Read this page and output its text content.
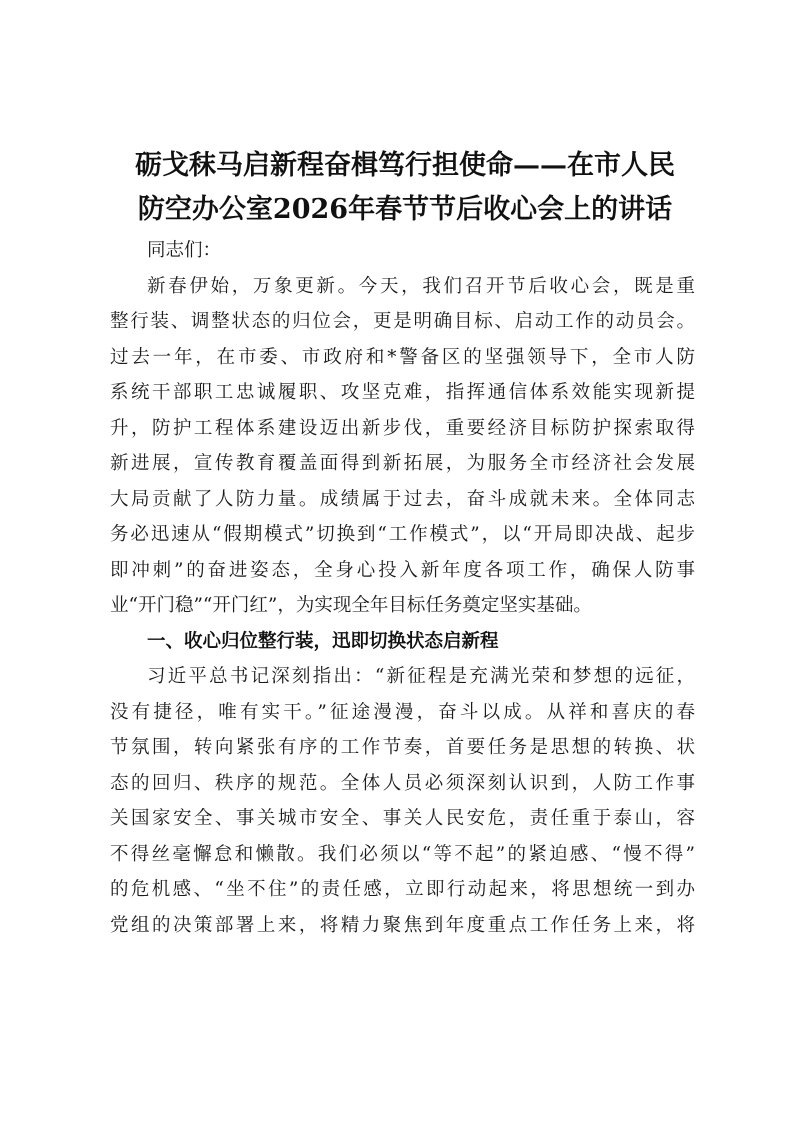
砺戈秣马启新程奋楫笃行担使命——在市人民
防空办公室2026年春节节后收心会上的讲话

同志们：

新春伊始，万象更新。今天，我们召开节后收心会，既是重
整行装、调整状态的归位会，更是明确目标、启动工作的动员会。
过去一年，在市委、市政府和*警备区的坚强领导下，全市人防
系统干部职工忠诚履职、攻坚克难，指挥通信体系效能实现新提
升，防护工程体系建设迈出新步伐，重要经济目标防护探索取得
新进展，宣传教育覆盖面得到新拓展，为服务全市经济社会发展
大局贡献了人防力量。成绩属于过去，奋斗成就未来。全体同志
务必迅速从“假期模式”切换到“工作模式”，以“开局即决战、起步
即冲刺”的奋进姿态，全身心投入新年度各项工作，确保人防事
业“开门稳”“开门红”，为实现全年目标任务奠定坚实基础。

一、收心归位整行装，迅即切换状态启新程

习近平总书记深刻指出：“新征程是充满光荣和梦想的远征，
没有捷径，唯有实干。”征途漫漫，奋斗以成。从祥和喜庆的春
节氛围，转向紧张有序的工作节奏，首要任务是思想的转换、状
态的回归、秩序的规范。全体人员必须深刻认识到，人防工作事
关国家安全、事关城市安全、事关人民安危，责任重于泰山，容
不得丝毫懈怠和懒散。我们必须以“等不起”的紧迫感、“慢不得”
的危机感、“坐不住”的责任感，立即行动起来，将思想统一到办
党组的决策部署上来，将精力聚焦到年度重点工作任务上来，将
